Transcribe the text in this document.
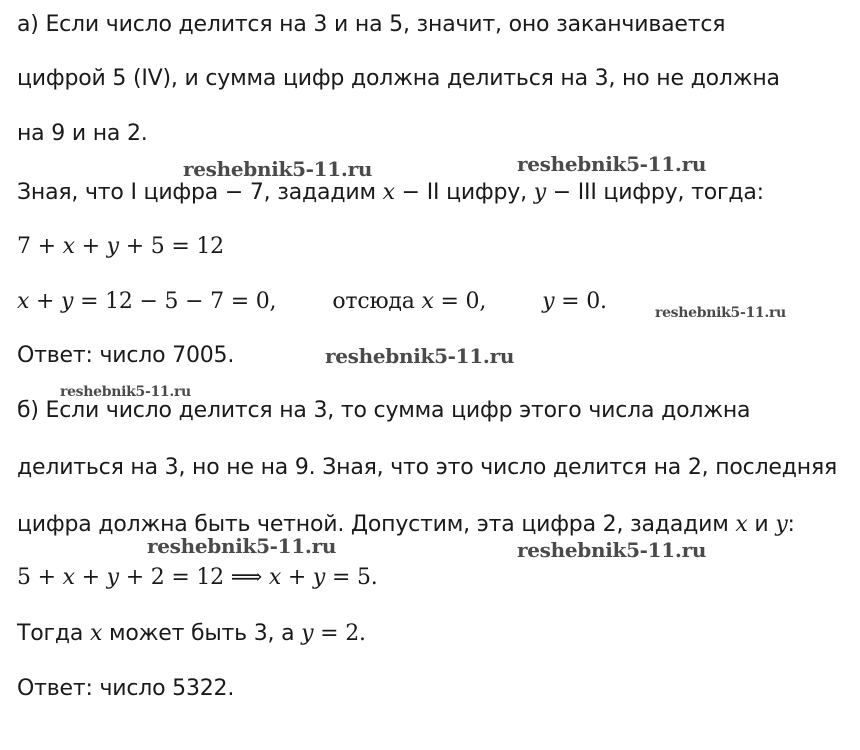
а) Если число делится на 3 и на 5, значит, оно заканчивается
цифрой 5 (IV), и сумма цифр должна делиться на 3, но не должна
на 9 и на 2.
Зная, что I цифра − 7, зададим x − II цифру, y − III цифру, тогда:
7 + x + y + 5 = 12
x + y = 12 − 5 − 7 = 0,	отсюда x = 0,	y = 0.
Ответ: число 7005.
б) Если число делится на 3, то сумма цифр этого числа должна
делиться на 3, но не на 9. Зная, что это число делится на 2, последняя
цифра должна быть четной. Допустим, эта цифра 2, зададим x и y:
5 + x + y + 2 = 12 ⟹ x + y = 5.
Тогда x может быть 3, а y = 2.
Ответ: число 5322.
reshebnik5-11.ru	reshebnik5-11.ru
reshebnik5-11.ru
reshebnik5-11.ru
reshebnik5-11.ru
reshebnik5-11.ru	reshebnik5-11.ru
